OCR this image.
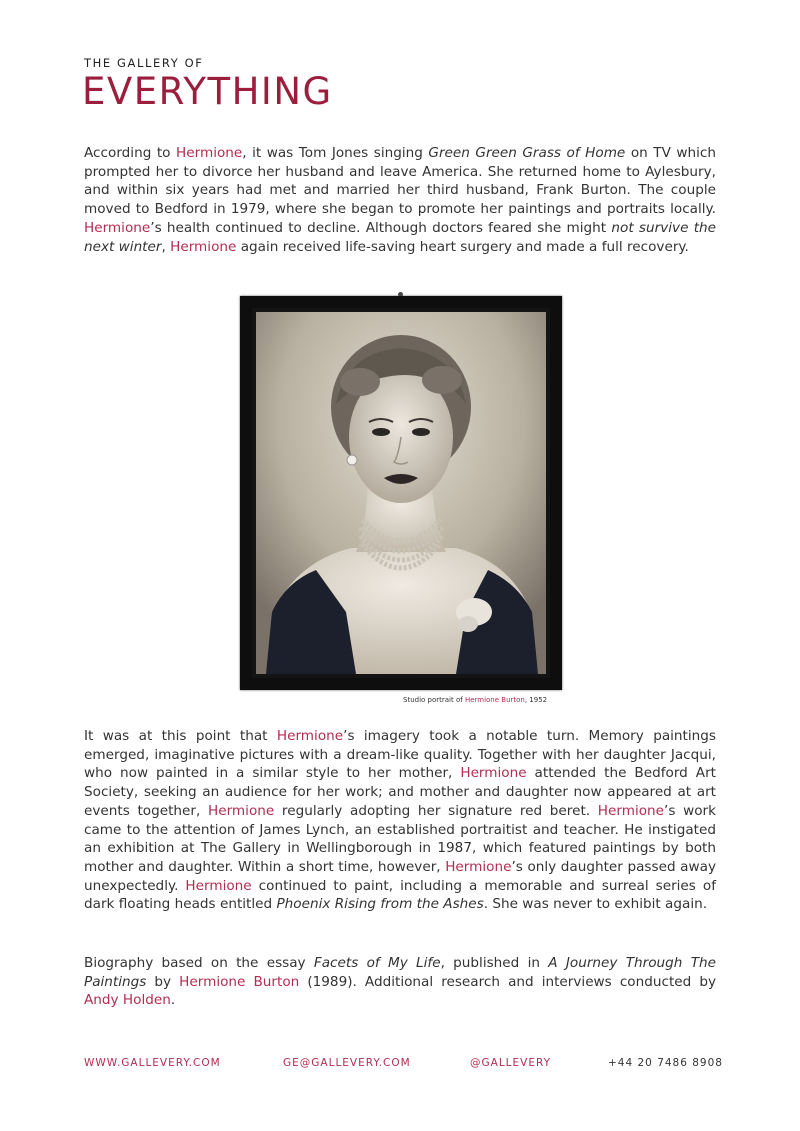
THE GALLERY OF
EVERYTHING

According to Hermione, it was Tom Jones singing Green Green Grass of Home on TV which prompted her to divorce her husband and leave America. She returned home to Aylesbury, and within six years had met and married her third husband, Frank Burton. The couple moved to Bedford in 1979, where she began to promote her paintings and portraits locally. Hermione’s health continued to decline. Although doctors feared she might not survive the next winter, Hermione again received life-saving heart surgery and made a full recovery.

Studio portrait of Hermione Burton, 1952

It was at this point that Hermione’s imagery took a notable turn. Memory paintings emerged, imaginative pictures with a dream-like quality. Together with her daughter Jacqui, who now painted in a similar style to her mother, Hermione attended the Bedford Art Society, seeking an audience for her work; and mother and daughter now appeared at art events together, Hermione regularly adopting her signature red beret. Hermione’s work came to the attention of James Lynch, an established portraitist and teacher. He instigated an exhibition at The Gallery in Wellingborough in 1987, which featured paintings by both mother and daughter. Within a short time, however, Hermione’s only daughter passed away unexpectedly. Hermione continued to paint, including a memorable and surreal series of dark floating heads entitled Phoenix Rising from the Ashes. She was never to exhibit again.

Biography based on the essay Facets of My Life, published in A Journey Through The Paintings by Hermione Burton (1989). Additional research and interviews conducted by Andy Holden.

WWW.GALLEVERY.COM	GE@GALLEVERY.COM	@GALLEVERY	+44 20 7486 8908
